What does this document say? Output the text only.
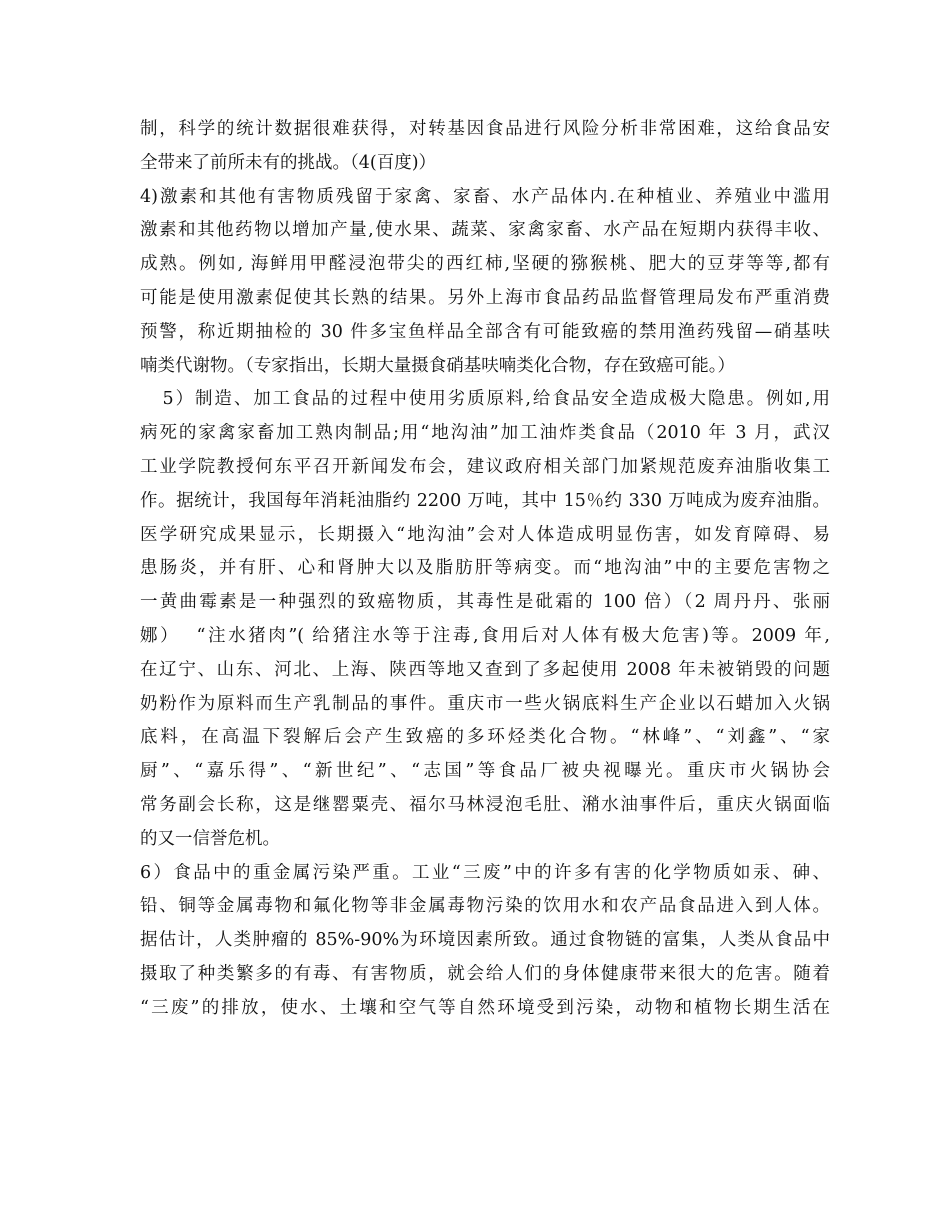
制，科学的统计数据很难获得，对转基因食品进行风险分析非常困难，这给食品安
全带来了前所未有的挑战。（4(百度)）
4)激素和其他有害物质残留于家禽、家畜、水产品体内.在种植业、养殖业中滥用
激素和其他药物以增加产量,使水果、蔬菜、家禽家畜、水产品在短期内获得丰收、
成熟。例如, 海鲜用甲醛浸泡带尖的西红柿,坚硬的猕猴桃、肥大的豆芽等等,都有
可能是使用激素促使其长熟的结果。另外上海市食品药品监督管理局发布严重消费
预警，称近期抽检的 30 件多宝鱼样品全部含有可能致癌的禁用渔药残留—硝基呋
喃类代谢物。（专家指出，长期大量摄食硝基呋喃类化合物，存在致癌可能。）
5）制造、加工食品的过程中使用劣质原料,给食品安全造成极大隐患。例如,用
病死的家禽家畜加工熟肉制品;用“地沟油”加工油炸类食品（2010 年 3 月，武汉
工业学院教授何东平召开新闻发布会，建议政府相关部门加紧规范废弃油脂收集工
作。据统计，我国每年消耗油脂约 2200 万吨，其中 15％约 330 万吨成为废弃油脂。
医学研究成果显示，长期摄入“地沟油”会对人体造成明显伤害，如发育障碍、易
患肠炎，并有肝、心和肾肿大以及脂肪肝等病变。而“地沟油”中的主要危害物之
一黄曲霉素是一种强烈的致癌物质，其毒性是砒霜的 100 倍）（2 周丹丹、张丽
娜）  “注水猪肉”( 给猪注水等于注毒,食用后对人体有极大危害)等。2009 年,
在辽宁、山东、河北、上海、陕西等地又查到了多起使用 2008 年未被销毁的问题
奶粉作为原料而生产乳制品的事件。重庆市一些火锅底料生产企业以石蜡加入火锅
底料，在高温下裂解后会产生致癌的多环烃类化合物。“林峰”、“刘鑫”、“家
厨”、“嘉乐得”、“新世纪”、“志国”等食品厂被央视曝光。重庆市火锅协会
常务副会长称，这是继罂粟壳、福尔马林浸泡毛肚、潲水油事件后，重庆火锅面临
的又一信誉危机。
6）食品中的重金属污染严重。工业“三废”中的许多有害的化学物质如汞、砷、
铅、铜等金属毒物和氟化物等非金属毒物污染的饮用水和农产品食品进入到人体。
据估计，人类肿瘤的 85%-90%为环境因素所致。通过食物链的富集，人类从食品中
摄取了种类繁多的有毒、有害物质，就会给人们的身体健康带来很大的危害。随着
“三废”的排放，使水、土壤和空气等自然环境受到污染，动物和植物长期生活在
